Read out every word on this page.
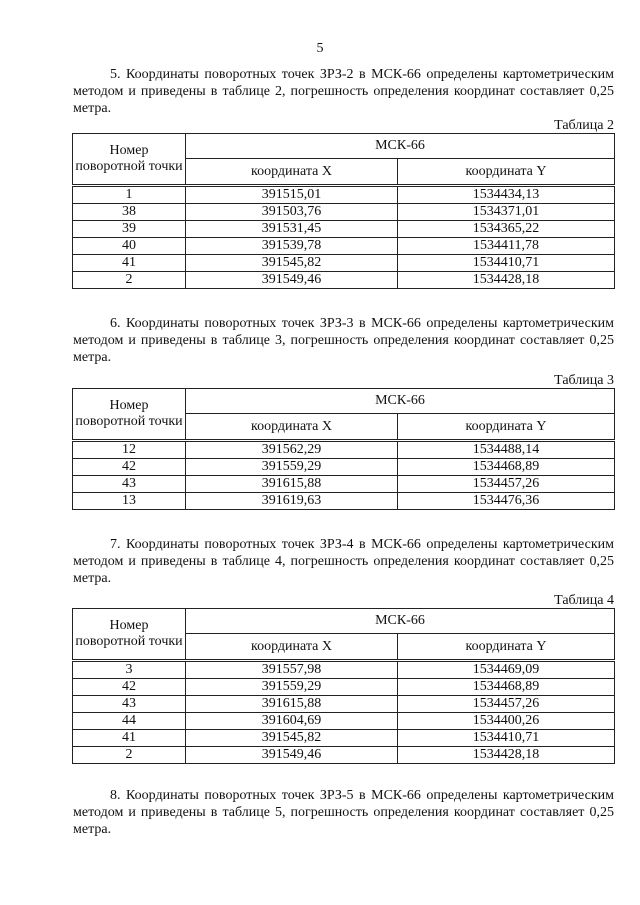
5
5. Координаты поворотных точек ЗРЗ-2 в МСК-66 определены картометрическим методом и приведены в таблице 2, погрешность определения координат составляет 0,25 метра.
Таблица 2
Номер поворотной точки	МСК-66	
	координата X	координата Y
1	391515,01	1534434,13
38	391503,76	1534371,01
39	391531,45	1534365,22
40	391539,78	1534411,78
41	391545,82	1534410,71
2	391549,46	1534428,18
6. Координаты поворотных точек ЗРЗ-3 в МСК-66 определены картометрическим методом и приведены в таблице 3, погрешность определения координат составляет 0,25 метра.
Таблица 3
Номер поворотной точки	МСК-66	
	координата X	координата Y
12	391562,29	1534488,14
42	391559,29	1534468,89
43	391615,88	1534457,26
13	391619,63	1534476,36
7. Координаты поворотных точек ЗРЗ-4 в МСК-66 определены картометрическим методом и приведены в таблице 4, погрешность определения координат составляет 0,25 метра.
Таблица 4
Номер поворотной точки	МСК-66	
	координата X	координата Y
3	391557,98	1534469,09
42	391559,29	1534468,89
43	391615,88	1534457,26
44	391604,69	1534400,26
41	391545,82	1534410,71
2	391549,46	1534428,18
8. Координаты поворотных точек ЗРЗ-5 в МСК-66 определены картометрическим методом и приведены в таблице 5, погрешность определения координат составляет 0,25 метра.
